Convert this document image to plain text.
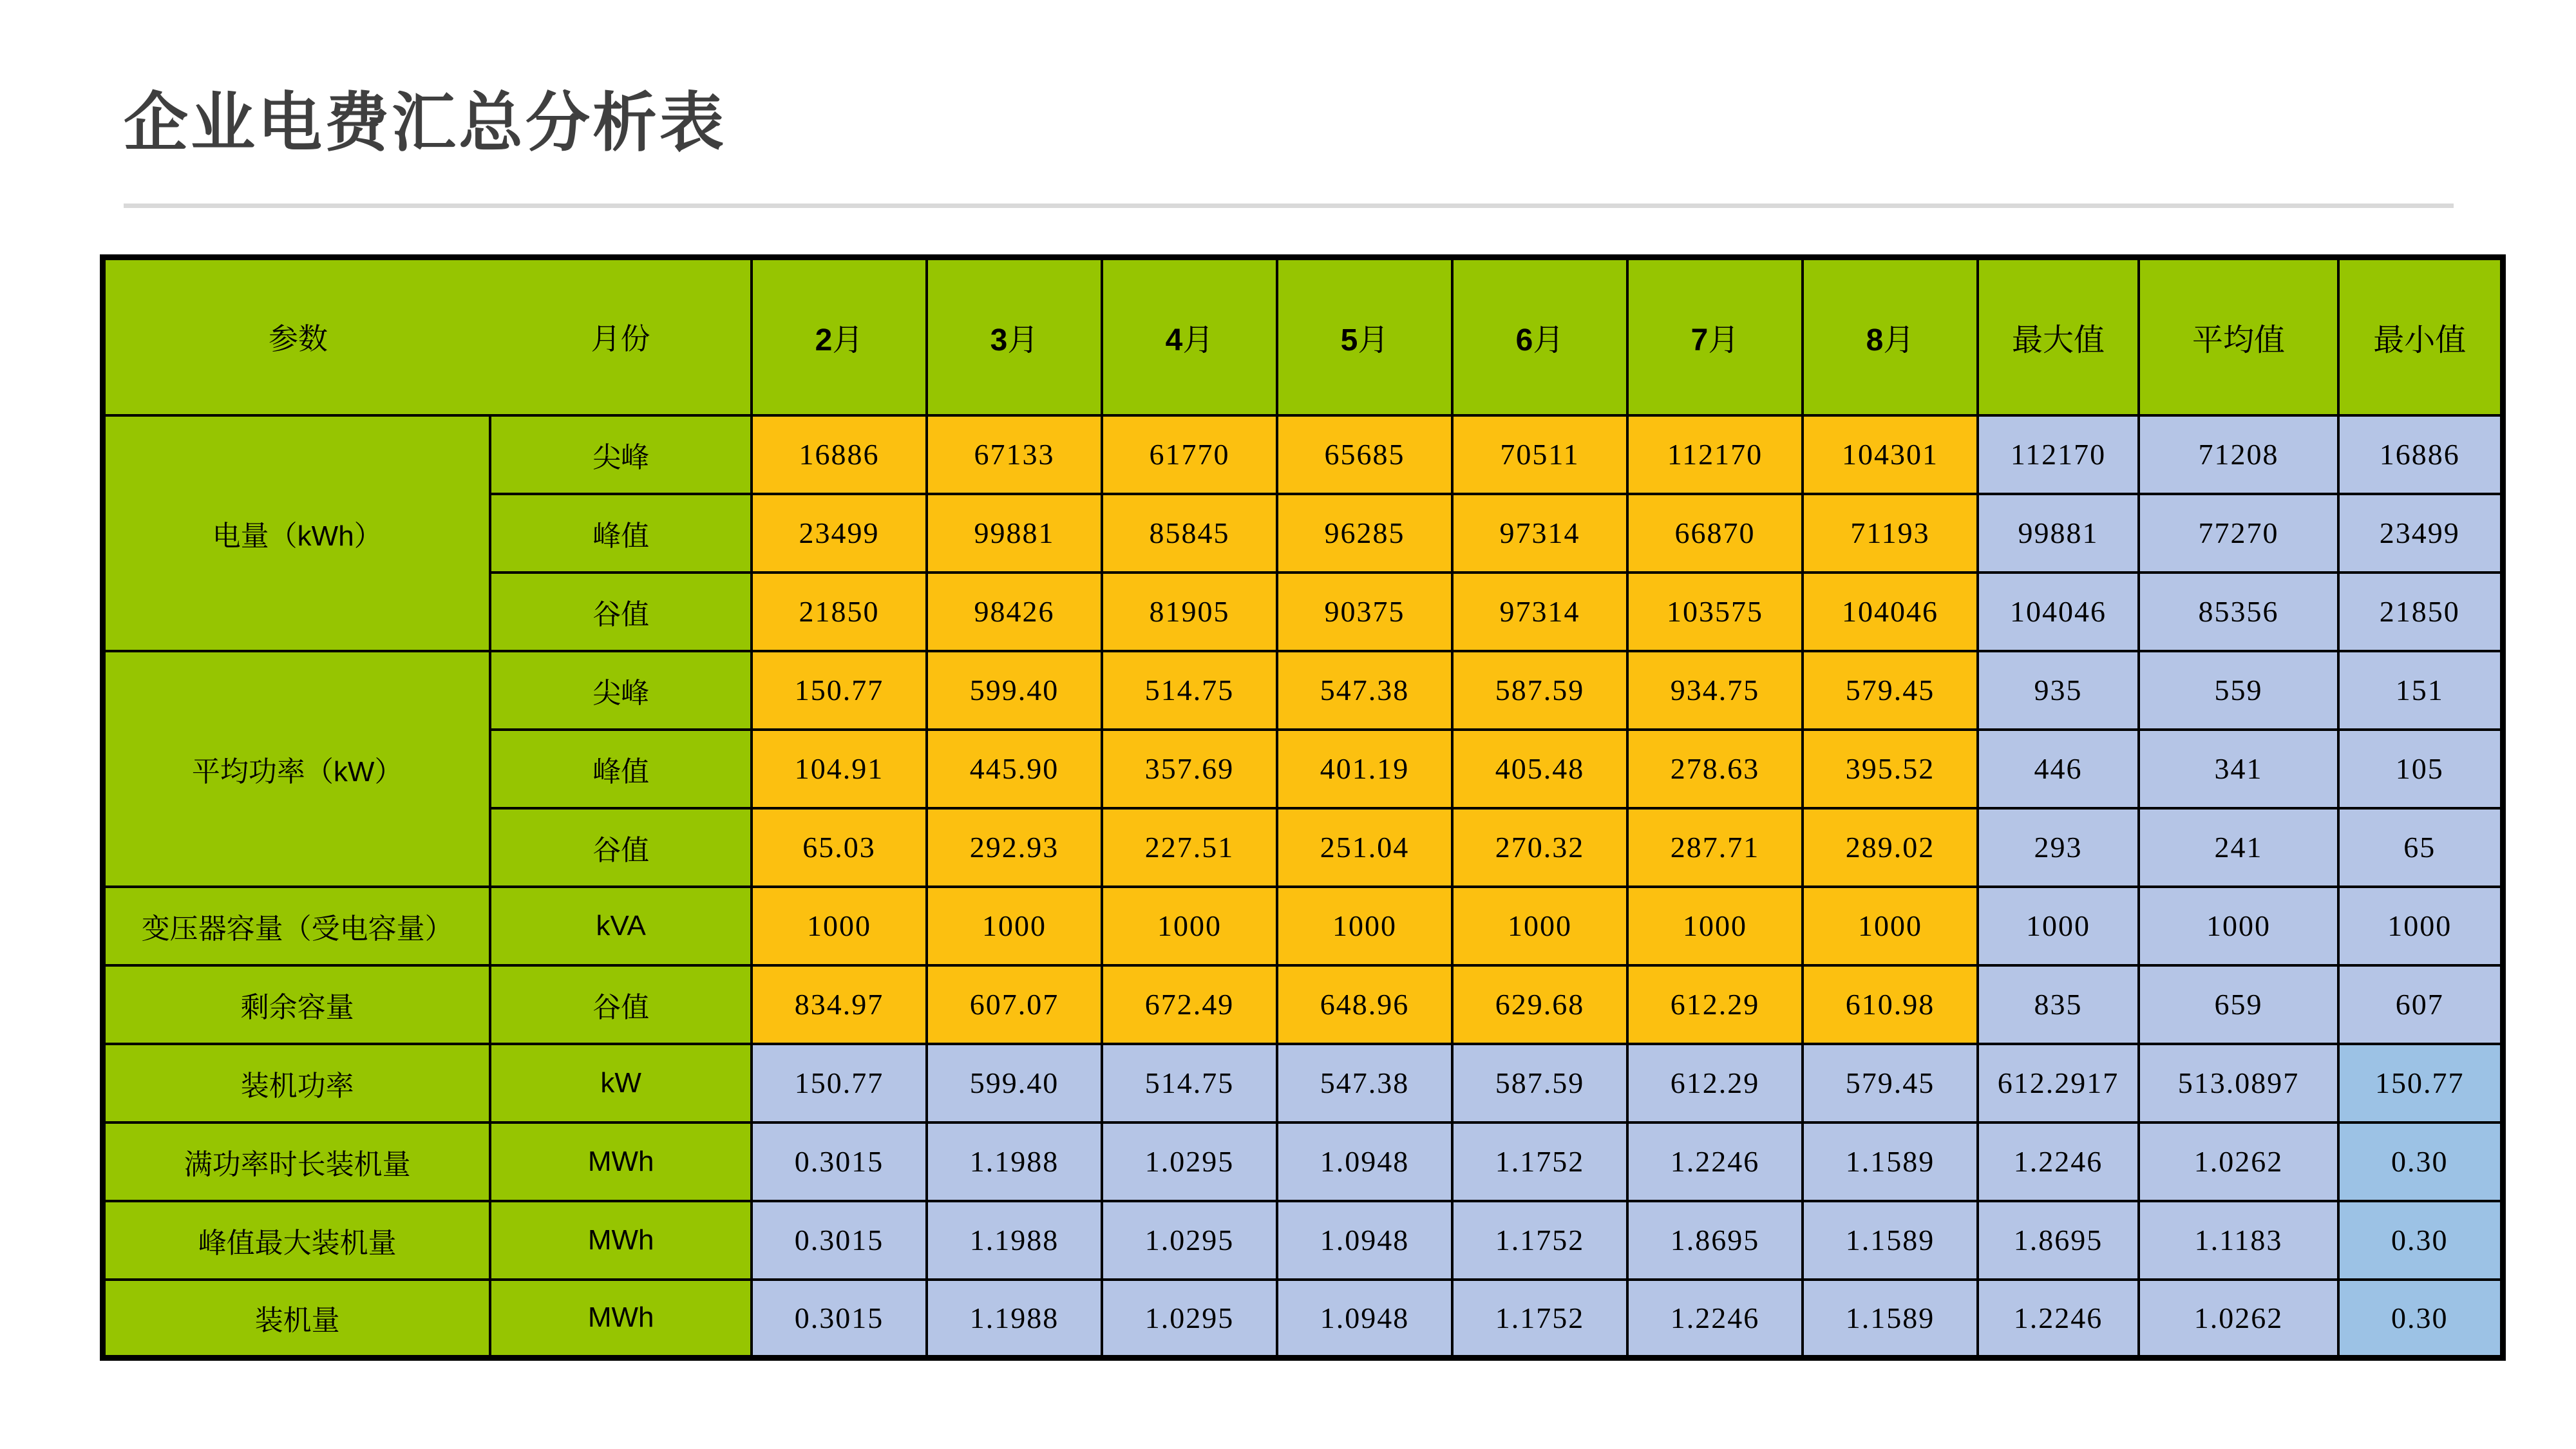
企业电费汇总分析表
参数 月份		2月	3月	4月	5月	6月	7月	8月	最大值	平均值	最小值
电量（kWh）	尖峰	16886	67133	61770	65685	70511	112170	104301	112170	71208	16886
	峰值	23499	99881	85845	96285	97314	66870	71193	99881	77270	23499
	谷值	21850	98426	81905	90375	97314	103575	104046	104046	85356	21850
平均功率（kW）	尖峰	150.77	599.40	514.75	547.38	587.59	934.75	579.45	935	559	151
	峰值	104.91	445.90	357.69	401.19	405.48	278.63	395.52	446	341	105
	谷值	65.03	292.93	227.51	251.04	270.32	287.71	289.02	293	241	65
变压器容量（受电容量）	kVA	1000	1000	1000	1000	1000	1000	1000	1000	1000	1000
剩余容量	谷值	834.97	607.07	672.49	648.96	629.68	612.29	610.98	835	659	607
装机功率	kW	150.77	599.40	514.75	547.38	587.59	612.29	579.45	612.2917	513.0897	150.77
满功率时长装机量	MWh	0.3015	1.1988	1.0295	1.0948	1.1752	1.2246	1.1589	1.2246	1.0262	0.30
峰值最大装机量	MWh	0.3015	1.1988	1.0295	1.0948	1.1752	1.8695	1.1589	1.8695	1.1183	0.30
装机量	MWh	0.3015	1.1988	1.0295	1.0948	1.1752	1.2246	1.1589	1.2246	1.0262	0.30
